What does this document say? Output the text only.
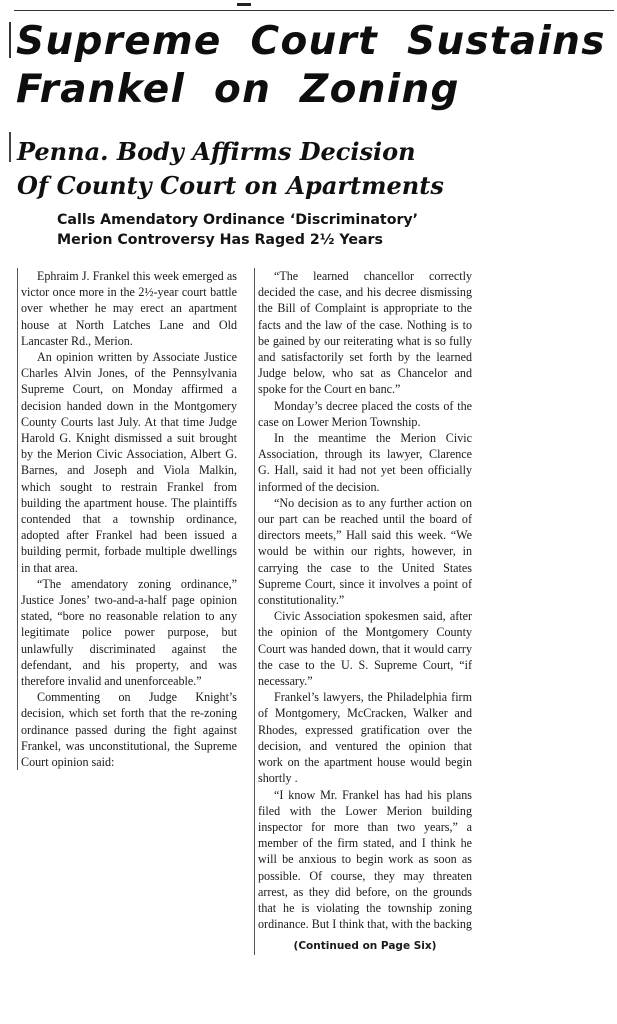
Supreme Court Sustains
Frankel on Zoning
Penna. Body Affirms Decision
Of County Court on Apartments
Calls Amendatory Ordinance ‘Discriminatory’
Merion Controversy Has Raged 2½ Years

Ephraim J. Frankel this week emerged as victor once more in the 2½-year court battle over whether he may erect an apartment house at North Latches Lane and Old Lancaster Rd., Merion.

An opinion written by Associate Justice Charles Alvin Jones, of the Pennsylvania Supreme Court, on Monday affirmed a decision handed down in the Montgomery County Courts last July. At that time Judge Harold G. Knight dismissed a suit brought by the Merion Civic Association, Albert G. Barnes, and Joseph and Viola Malkin, which sought to restrain Frankel from building the apartment house. The plaintiffs contended that a township ordinance, adopted after Frankel had been issued a building permit, forbade multiple dwellings in that area.

“The amendatory zoning ordinance,” Justice Jones’ two-and-a-half page opinion stated, “bore no reasonable relation to any legitimate police power purpose, but unlawfully discriminated against the defendant, and his property, and was therefore invalid and unenforceable.”

Commenting on Judge Knight’s decision, which set forth that the re-zoning ordinance passed during the fight against Frankel, was unconstitutional, the Supreme Court opinion said:

“The learned chancellor correctly decided the case, and his decree dismissing the Bill of Complaint is appropriate to the facts and the law of the case. Nothing is to be gained by our reiterating what is so fully and satisfactorily set forth by the learned Judge below, who sat as Chancelor and spoke for the Court en banc.”

Monday’s decree placed the costs of the case on Lower Merion Township.

In the meantime the Merion Civic Association, through its lawyer, Clarence G. Hall, said it had not yet been officially informed of the decision.

“No decision as to any further action on our part can be reached until the board of directors meets,” Hall said this week. “We would be within our rights, however, in carrying the case to the United States Supreme Court, since it involves a point of constitutionality.”

Civic Association spokesmen said, after the opinion of the Montgomery County Court was handed down, that it would carry the case to the U. S. Supreme Court, “if necessary.”

Frankel’s lawyers, the Philadelphia firm of Montgomery, McCracken, Walker and Rhodes, expressed gratification over the decision, and ventured the opinion that work on the apartment house would begin shortly .

“I know Mr. Frankel has had his plans filed with the Lower Merion building inspector for more than two years,” a member of the firm stated, and I think he will be anxious to begin work as soon as possible. Of course, they may threaten arrest, as they did before, on the grounds that he is violating the township zoning ordinance. But I think that, with the backing

(Continued on Page Six)
